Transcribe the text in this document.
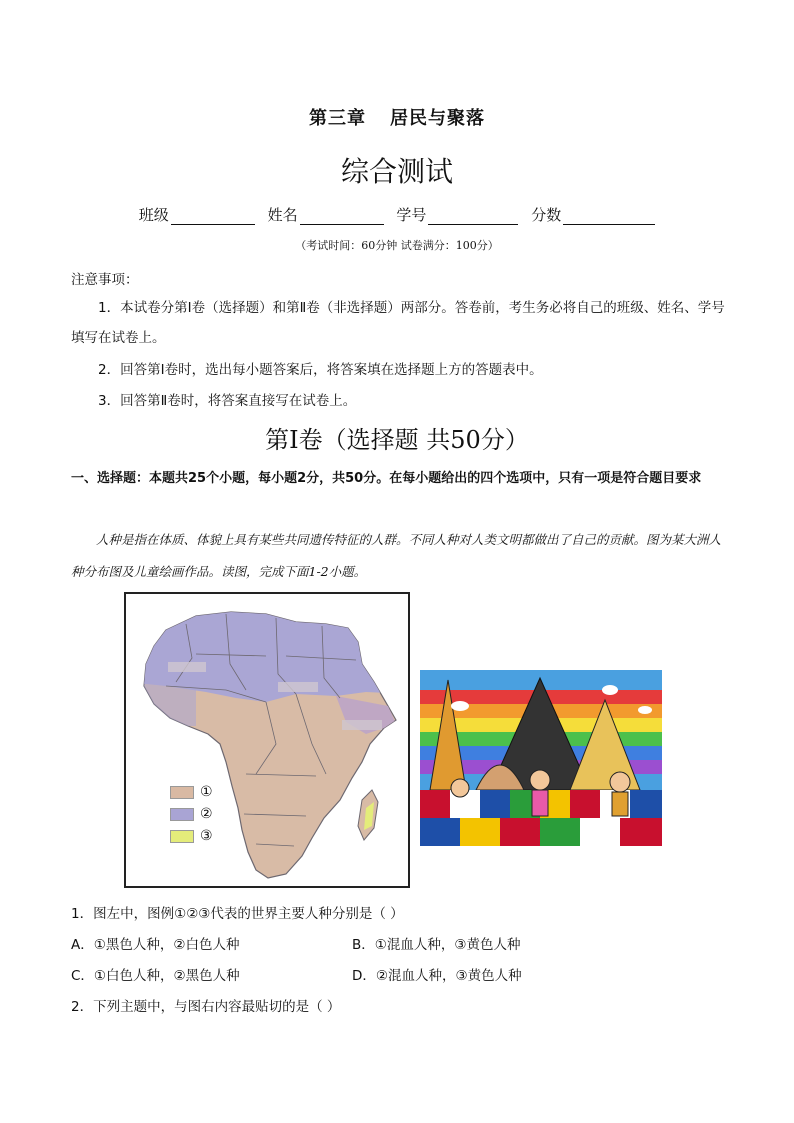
第三章 居民与聚落
综合测试
班级	姓名	学号	分数
（考试时间：60分钟 试卷满分：100分）
注意事项：
1．本试卷分第Ⅰ卷（选择题）和第Ⅱ卷（非选择题）两部分。答卷前，考生务必将自己的班级、姓名、学号填写在试卷上。
2．回答第Ⅰ卷时，选出每小题答案后，将答案填在选择题上方的答题表中。
3．回答第Ⅱ卷时，将答案直接写在试卷上。
第Ⅰ卷（选择题 共50分）
一、选择题：本题共25个小题，每小题2分，共50分。在每小题给出的四个选项中，只有一项是符合题目要求
人种是指在体质、体貌上具有某些共同遗传特征的人群。不同人种对人类文明都做出了自己的贡献。图为某大洲人种分布图及儿童绘画作品。读图，完成下面1-2小题。
①
②
③
1．图左中，图例①②③代表的世界主要人种分别是（ ）
A．①黑色人种，②白色人种	B．①混血人种，③黄色人种
C．①白色人种，②黑色人种	D．②混血人种，③黄色人种
2．下列主题中，与图右内容最贴切的是（ ）
